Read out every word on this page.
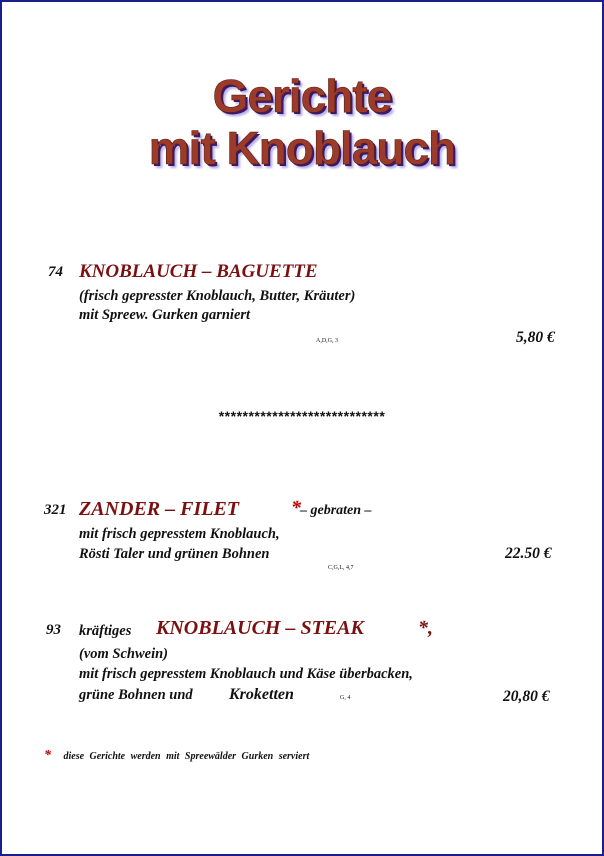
Gerichte
mit Knoblauch
74 KNOBLAUCH – BAGUETTE
(frisch gepresster Knoblauch, Butter, Kräuter)
mit Spreew. Gurken garniert
A,D,G, 3	5,80 €
****************************
321 ZANDER – FILET	* – gebraten –
mit frisch gepresstem Knoblauch,
Rösti Taler und grünen Bohnen
C,G,L, 4,7
22.50 €
93 kräftiges KNOBLAUCH – STEAK	*,
(vom Schwein)
mit frisch gepresstem Knoblauch und Käse überbacken,
grüne Bohnen und Kroketten	G, 4	20,80 €
* diese Gerichte werden mit Spreewälder Gurken serviert
